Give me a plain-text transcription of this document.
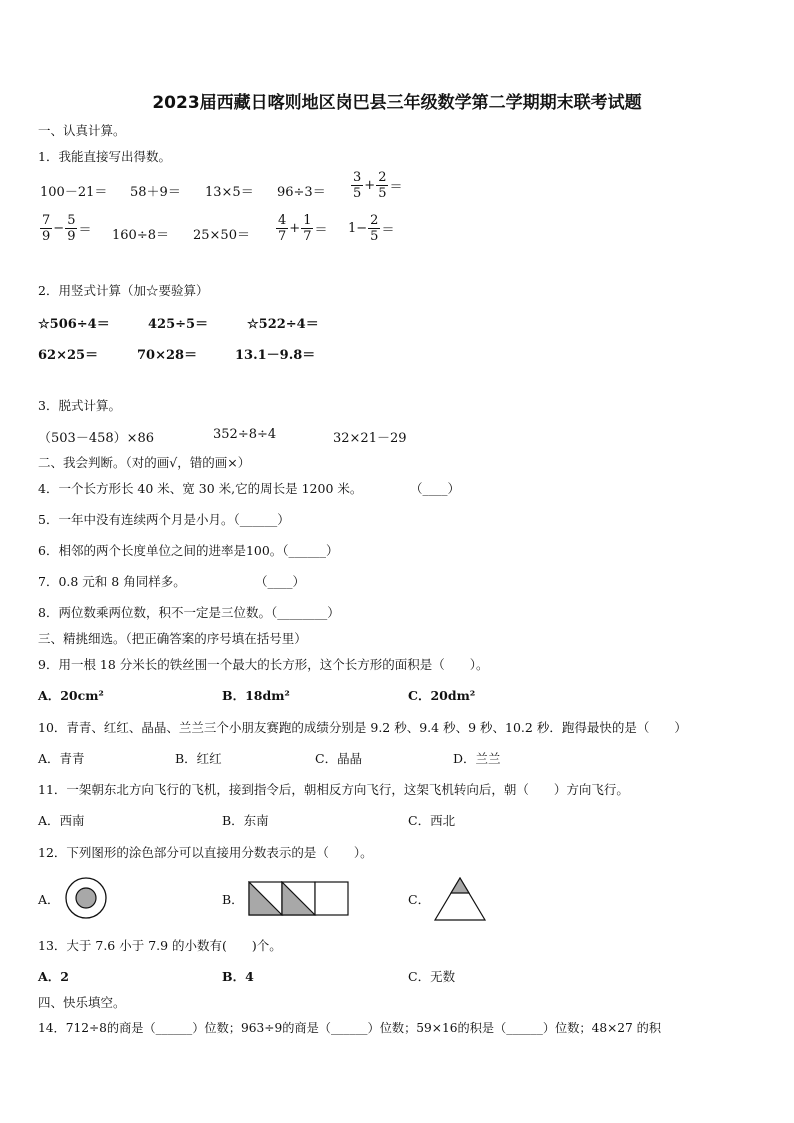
2023届西藏日喀则地区岗巴县三年级数学第二学期期末联考试题
一、认真计算。
1．我能直接写出得数。
$100-21= 58+9= 13\times 5= 96\div 3= \frac{3}{5} + \frac{2}{5}$ ＝
$\frac{7}{9} - \frac{5}{9} = 160\div 8= 25\times 50= \frac{4}{7} + \frac{1}{7} = 1- \frac{2}{5}$ ＝
2．用竖式计算（加☆要验算）
☆506÷4＝	425÷5＝	☆522÷4＝
62×25＝	70×28＝	13.1－9.8＝
3．脱式计算。
（503－458）×86	352÷8÷4	32×21－29
二、我会判断。（对的画√，错的画×）
4．一个长方形长 40 米、宽 30 米,它的周长是 1200 米。	（____）
5．一年中没有连续两个月是小月。（______）
6．相邻的两个长度单位之间的进率是100。（______）
7．0.8 元和 8 角同样多。	（____）
8．两位数乘两位数，积不一定是三位数。（________）
三、精挑细选。（把正确答案的序号填在括号里）
9．用一根 18 分米长的铁丝围一个最大的长方形，这个长方形的面积是（　　）。
A．20cm²	B．18dm²	C．20dm²
10．青青、红红、晶晶、兰兰三个小朋友赛跑的成绩分别是 9.2 秒、9.4 秒、9 秒、10.2 秒．跑得最快的是（　　）
A．青青	B．红红	C．晶晶	D．兰兰
11．一架朝东北方向飞行的飞机，接到指令后，朝相反方向飞行，这架飞机转向后，朝（　　）方向飞行。
A．西南	B．东南	C．西北
12．下列图形的涂色部分可以直接用分数表示的是（　　）。
A．	B．	C．
13．大于 7.6 小于 7.9 的小数有(　　)个。
A．2	B．4	C．无数
四、快乐填空。
14．712÷8的商是（______）位数；963÷9的商是（______）位数；59×16的积是（______）位数；48×27 的积
